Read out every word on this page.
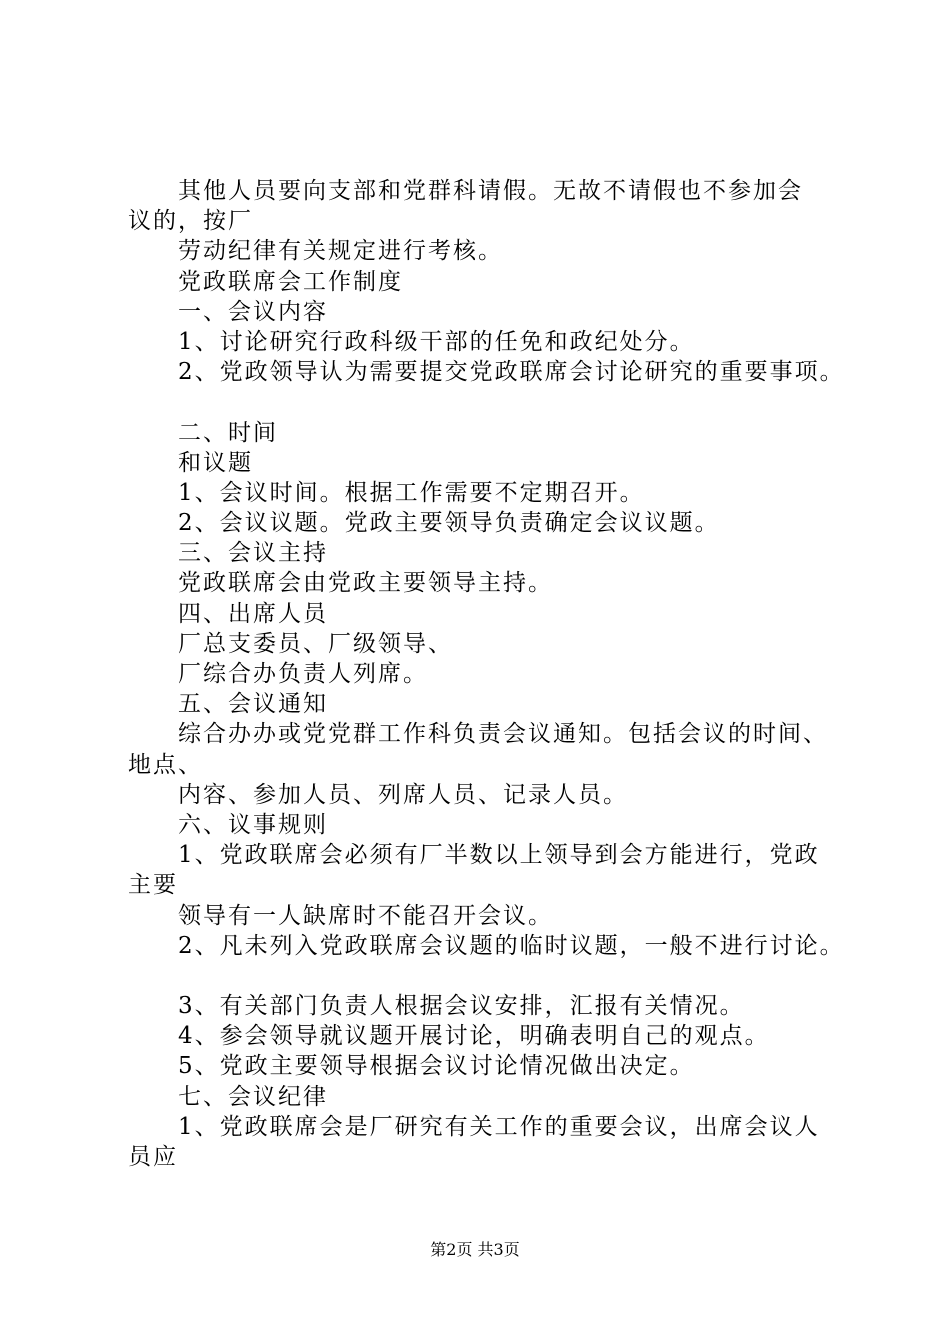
其他人员要向支部和党群科请假。无故不请假也不参加会
议的，按厂
劳动纪律有关规定进行考核。
党政联席会工作制度
一、会议内容
1、讨论研究行政科级干部的任免和政纪处分。
2、党政领导认为需要提交党政联席会讨论研究的重要事项。
二、时间
和议题
1、会议时间。根据工作需要不定期召开。
2、会议议题。党政主要领导负责确定会议议题。
三、会议主持
党政联席会由党政主要领导主持。
四、出席人员
厂总支委员、厂级领导、
厂综合办负责人列席。
五、会议通知
综合办办或党党群工作科负责会议通知。包括会议的时间、
地点、
内容、参加人员、列席人员、记录人员。
六、议事规则
1、党政联席会必须有厂半数以上领导到会方能进行，党政
主要
领导有一人缺席时不能召开会议。
2、凡未列入党政联席会议题的临时议题，一般不进行讨论。
3、有关部门负责人根据会议安排，汇报有关情况。
4、参会领导就议题开展讨论，明确表明自己的观点。
5、党政主要领导根据会议讨论情况做出决定。
七、会议纪律
1、党政联席会是厂研究有关工作的重要会议，出席会议人
员应
第2页 共3页
